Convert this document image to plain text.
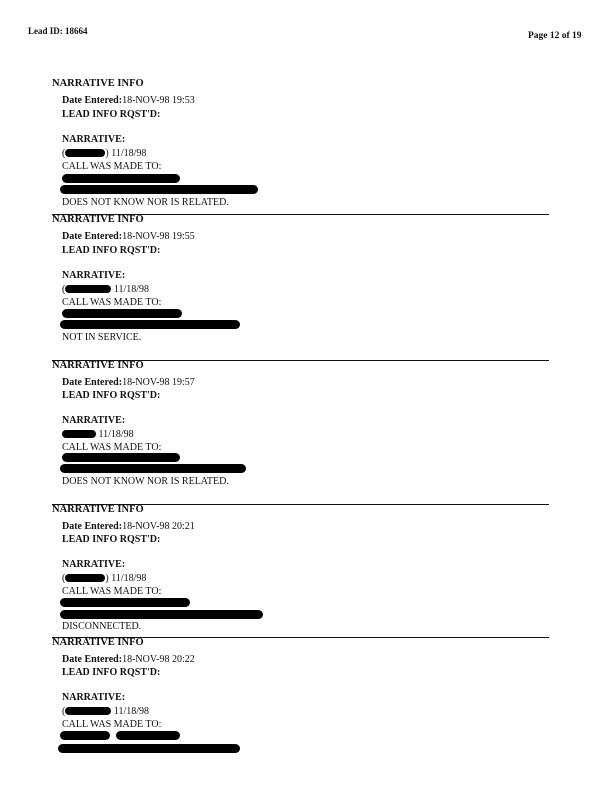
Lead ID: 18664	Page 12 of 19
NARRATIVE INFO
Date Entered:18-NOV-98 19:53
LEAD INFO RQST'D:
NARRATIVE:
(	) 11/18/98
CALL WAS MADE TO:
DOES NOT KNOW NOR IS RELATED.
NARRATIVE INFO
Date Entered:18-NOV-98 19:55
LEAD INFO RQST'D:
NARRATIVE:
(	11/18/98
CALL WAS MADE TO:
NOT IN SERVICE.
NARRATIVE INFO
Date Entered:18-NOV-98 19:57
LEAD INFO RQST'D:
NARRATIVE:
11/18/98
CALL WAS MADE TO:
DOES NOT KNOW NOR IS RELATED.
NARRATIVE INFO
Date Entered:18-NOV-98 20:21
LEAD INFO RQST'D:
NARRATIVE:
(	) 11/18/98
CALL WAS MADE TO:
DISCONNECTED.
NARRATIVE INFO
Date Entered:18-NOV-98 20:22
LEAD INFO RQST'D:
NARRATIVE:
(	11/18/98
CALL WAS MADE TO:
